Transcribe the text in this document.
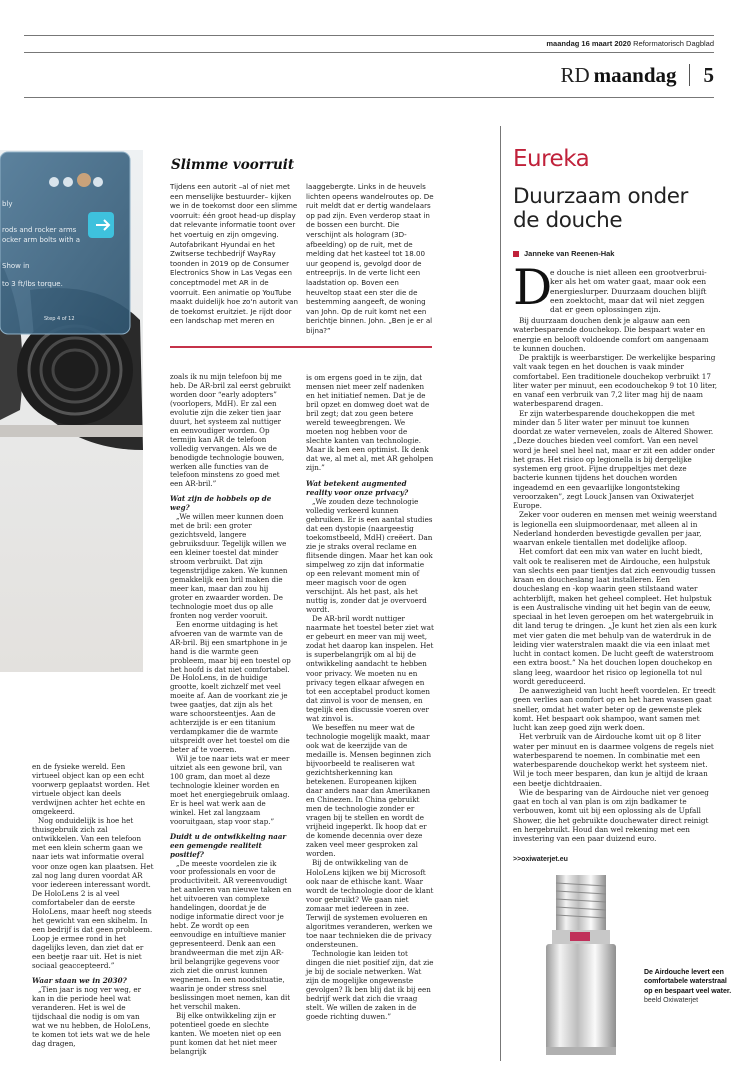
maandag 16 maart 2020 Reformatorisch Dagblad
RD maandag 5
bly
rods and rocker arms
ocker arm bolts with a
Show in
to 3 ft/lbs torque.
Step 4 of 12
Slimme voorruit

Tijdens een autorit –al of niet met een menselijke bestuurder– kijken we in de toekomst door een slimme voorruit: één groot head-up display dat relevante informatie toont over het voertuig en zijn omgeving. Autofabrikant Hyundai en het Zwitserse techbedrijf WayRay toonden in 2019 op de Consumer Electronics Show in Las Vegas een conceptmodel met AR in de voorruit. Een animatie op YouTube maakt duidelijk hoe zo'n autorit van de toekomst eruitziet. Je rijdt door een landschap met meren en

laaggebergte. Links in de heuvels lichten opeens wandelroutes op. De ruit meldt dat er dertig wandelaars op pad zijn. Even verderop staat in de bossen een burcht. Die verschijnt als hologram (3D-afbeelding) op de ruit, met de melding dat het kasteel tot 18.00 uur geopend is, gevolgd door de entreeprijs. In de verte licht een laadstation op. Boven een heuveltop staat een ster die de bestemming aangeeft, de woning van John. Op de ruit komt net een berichtje binnen. John. „Ben je er al bijna?”

en de fysieke wereld. Een virtueel object kan op een echt voorwerp geplaatst worden. Het virtuele object kan deels verdwijnen achter het echte en omgekeerd.

Nog onduidelijk is hoe het thuisgebruik zich zal ontwikkelen. Van een telefoon met een klein scherm gaan we naar iets wat informatie overal voor onze ogen kan plaatsen. Het zal nog lang duren voordat AR voor iedereen interessant wordt. De HoloLens 2 is al veel comfortabeler dan de eerste HoloLens, maar heeft nog steeds het gewicht van een skihelm. In een bedrijf is dat geen probleem. Loop je ermee rond in het dagelijks leven, dan ziet dat er een beetje raar uit. Het is niet sociaal geaccepteerd.”

Waar staan we in 2030?

„Tien jaar is nog ver weg, er kan in die periode heel wat veranderen. Het is wel de tijdschaal die nodig is om van wat we nu hebben, de HoloLens, te komen tot iets wat we de hele dag dragen,

zoals ik nu mijn telefoon bij me heb. De AR-bril zal eerst gebruikt worden door “early adopters” (voorlopers, MdH). Er zal een evolutie zijn die zeker tien jaar duurt, het systeem zal nuttiger en eenvoudiger worden. Op termijn kan AR de telefoon volledig vervangen. Als we de benodigde technologie bouwen, werken alle functies van de telefoon minstens zo goed met een AR-bril.”

Wat zijn de hobbels op de weg?

„We willen meer kunnen doen met de bril: een groter gezichtsveld, langere gebruiksduur. Tegelijk willen we een kleiner toestel dat minder stroom verbruikt. Dat zijn tegenstrijdige zaken. We kunnen gemakkelijk een bril maken die meer kan, maar dan zou hij groter en zwaarder worden. De technologie moet dus op alle fronten nog verder vooruit.

Een enorme uitdaging is het afvoeren van de warmte van de AR-bril. Bij een smartphone in je hand is die warmte geen probleem, maar bij een toestel op het hoofd is dat niet comfortabel. De HoloLens, in de huidige grootte, koelt zichzelf met veel moeite af. Aan de voorkant zie je twee gaatjes, dat zijn als het ware schoorsteentjes. Aan de achterzijde is er een titanium verdampkamer die de warmte uitspreidt over het toestel om die beter af te voeren.

Wil je toe naar iets wat er meer uitziet als een gewone bril, van 100 gram, dan moet al deze technologie kleiner worden en moet het energiegebruik omlaag. Er is heel wat werk aan de winkel. Het zal langzaam vooruitgaan, stap voor stap.”

Duidt u de ontwikkeling naar een gemengde realiteit positief?

„De meeste voordelen zie ik voor professionals en voor de productiviteit. AR vereenvoudigt het aanleren van nieuwe taken en het uitvoeren van complexe handelingen, doordat je de nodige informatie direct voor je hebt. Ze wordt op een eenvoudige en intuïtieve manier gepresenteerd. Denk aan een brandweerman die met zijn AR-bril belangrijke gegevens voor zich ziet die onrust kunnen wegnemen. In een noodsituatie, waarin je onder stress snel beslissingen moet nemen, kan dit het verschil maken.

Bij elke ontwikkeling zijn er potentieel goede en slechte kanten. We moeten niet op een punt komen dat het niet meer belangrijk

is om ergens goed in te zijn, dat mensen niet meer zelf nadenken en het initiatief nemen. Dat je de bril opzet en domweg doet wat de bril zegt; dat zou geen betere wereld teweegbrengen. We moeten nog hebben voor de slechte kanten van technologie. Maar ik ben een optimist. Ik denk dat we, al met al, met AR geholpen zijn.”

Wat betekent augmented reality voor onze privacy?

„We zouden deze technologie volledig verkeerd kunnen gebruiken. Er is een aantal studies dat een dystopie (naargeestig toekomstbeeld, MdH) creëert. Dan zie je straks overal reclame en flitsende dingen. Maar het kan ook simpelweg zo zijn dat informatie op een relevant moment min of meer magisch voor de ogen verschijnt. Als het past, als het nuttig is, zonder dat je overvoerd wordt.

De AR-bril wordt nuttiger naarmate het toestel beter ziet wat er gebeurt en meer van mij weet, zodat het daarop kan inspelen. Het is superbelangrijk om al bij de ontwikkeling aandacht te hebben voor privacy. We moeten nu en privacy tegen elkaar afwegen en tot een acceptabel product komen dat zinvol is voor de mensen, en tegelijk een discussie voeren over wat zinvol is.

We beseffen nu meer wat de technologie mogelijk maakt, maar ook wat de keerzijde van de medaille is. Mensen beginnen zich bijvoorbeeld te realiseren wat gezichtsherkenning kan betekenen. Europeanen kijken daar anders naar dan Amerikanen en Chinezen. In China gebruikt men de technologie zonder er vragen bij te stellen en wordt de vrijheid ingeperkt. Ik hoop dat er de komende decennia over deze zaken veel meer gesproken zal worden.

Bij de ontwikkeling van de HoloLens kijken we bij Microsoft ook naar de ethische kant. Waar wordt de technologie door de klant voor gebruikt? We gaan niet zomaar met iedereen in zee. Terwijl de systemen evolueren en algoritmes veranderen, werken we toe naar technieken die de privacy ondersteunen.

Technologie kan leiden tot dingen die niet positief zijn, dat zie je bij de sociale netwerken. Wat zijn de mogelijke ongewenste gevolgen? Ik ben blij dat ik bij een bedrijf werk dat zich die vraag stelt. We willen de zaken in de goede richting duwen.”

Eureka
Duurzaam onder
de douche
Janneke van Reenen-Hak
D
e douche is niet alleen een grootverbrui-
ker als het om water gaat, maar ook een
energieslurper. Duurzaam douchen blijft
een zoektocht, maar dat wil niet zeggen
dat er geen oplossingen zijn.

Bij duurzaam douchen denk je algauw aan een waterbesparende douchekop. Die bespaart water en energie en belooft voldoende comfort om aangenaam te kunnen douchen.

De praktijk is weerbarstiger. De werkelijke besparing valt vaak tegen en het douchen is vaak minder comfortabel. Een traditionele douchekop verbruikt 17 liter water per minuut, een ecodouchekop 9 tot 10 liter, en vanaf een verbruik van 7,2 liter mag hij de naam waterbesparend dragen.

Er zijn waterbesparende douchekoppen die met minder dan 5 liter water per minuut toe kunnen doordat ze water vernevelen, zoals de Altered Shower. „Deze douches bieden veel comfort. Van een nevel word je heel snel heel nat, maar er zit een adder onder het gras. Het risico op legionella is bij dergelijke systemen erg groot. Fijne druppeltjes met deze bacterie kunnen tijdens het douchen worden ingeademd en een gevaarlijke longontsteking veroorzaken”, zegt Louck Jansen van Oxiwaterjet Europe.

Zeker voor ouderen en mensen met weinig weerstand is legionella een sluipmoordenaar, met alleen al in Nederland honderden bevestigde gevallen per jaar, waarvan enkele tientallen met dodelijke afloop.

Het comfort dat een mix van water en lucht biedt, valt ook te realiseren met de Airdouche, een hulpstuk van slechts een paar tientjes dat zich eenvoudig tussen kraan en doucheslang laat installeren. Een doucheslang en -kop waarin geen stilstaand water achterblijft, maken het geheel compleet. Het hulpstuk is een Australische vinding uit het begin van de eeuw, speciaal in het leven geroepen om het watergebruik in dit land terug te dringen. „Je kunt het zien als een kurk met vier gaten die met behulp van de waterdruk in de leiding vier waterstralen maakt die via een inlaat met lucht in contact komen. De lucht geeft de waterstroom een extra boost.” Na het douchen lopen douchekop en slang leeg, waardoor het risico op legionella tot nul wordt gereduceerd.

De aanwezigheid van lucht heeft voordelen. Er treedt geen verlies aan comfort op en het haren wassen gaat sneller, omdat het water beter op de gewenste plek komt. Het bespaart ook shampoo, want samen met lucht kan zeep goed zijn werk doen.

Het verbruik van de Airdouche komt uit op 8 liter water per minuut en is daarmee volgens de regels niet waterbesparend te noemen. In combinatie met een waterbesparende douchekop werkt het systeem niet. Wil je toch meer besparen, dan kun je altijd de kraan een beetje dichtdraaien.

Wie de besparing van de Airdouche niet ver genoeg gaat en toch al van plan is om zijn badkamer te verbouwen, komt uit bij een oplossing als de Upfall Shower, die het gebruikte douchewater direct reinigt en hergebruikt. Houd dan wel rekening met een investering van een paar duizend euro.

>>oxiwaterjet.eu
De Airdouche levert een comfortabele waterstraal op en bespaart veel water.
beeld Oxiwaterjet
